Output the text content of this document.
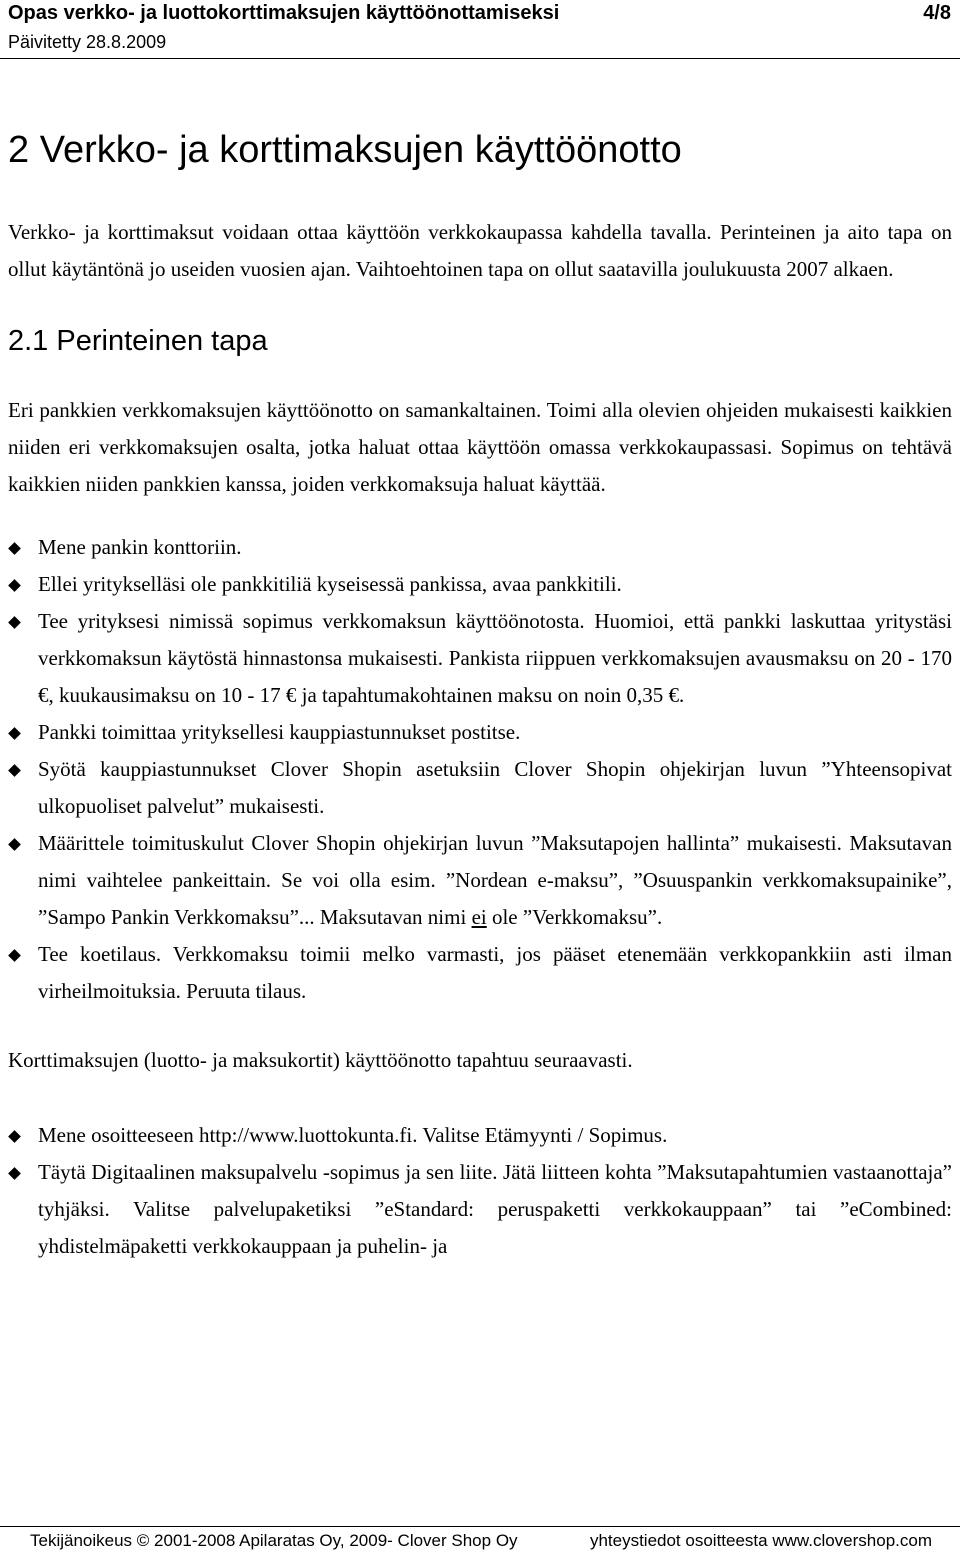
Opas verkko- ja luottokorttimaksujen käyttöönottamiseksi	4/8
Päivitetty 28.8.2009
2 Verkko- ja korttimaksujen käyttöönotto

Verkko- ja korttimaksut voidaan ottaa käyttöön verkkokaupassa kahdella tavalla. Perinteinen ja aito tapa on ollut käytäntönä jo useiden vuosien ajan. Vaihtoehtoinen tapa on ollut saatavilla joulukuusta 2007 alkaen.

2.1 Perinteinen tapa

Eri pankkien verkkomaksujen käyttöönotto on samankaltainen. Toimi alla olevien ohjeiden mukaisesti kaikkien niiden eri verkkomaksujen osalta, jotka haluat ottaa käyttöön omassa verkkokaupassasi. Sopimus on tehtävä kaikkien niiden pankkien kanssa, joiden verkkomaksuja haluat käyttää.

Mene pankin konttoriin.
Ellei yritykselläsi ole pankkitiliä kyseisessä pankissa, avaa pankkitili.
Tee yrityksesi nimissä sopimus verkkomaksun käyttöönotosta. Huomioi, että pankki laskuttaa yritystäsi verkkomaksun käytöstä hinnastonsa mukaisesti. Pankista riippuen verkkomaksujen avausmaksu on 20 - 170 €, kuukausimaksu on 10 - 17 € ja tapahtumakohtainen maksu on noin 0,35 €.
Pankki toimittaa yrityksellesi kauppiastunnukset postitse.
Syötä kauppiastunnukset Clover Shopin asetuksiin Clover Shopin ohjekirjan luvun ”Yhteensopivat ulkopuoliset palvelut” mukaisesti.
Määrittele toimituskulut Clover Shopin ohjekirjan luvun ”Maksutapojen hallinta” mukaisesti. Maksutavan nimi vaihtelee pankeittain. Se voi olla esim. ”Nordean e-maksu”, ”Osuuspankin verkkomaksupainike”, ”Sampo Pankin Verkkomaksu”... Maksutavan nimi ei ole ”Verkkomaksu”.
Tee koetilaus. Verkkomaksu toimii melko varmasti, jos pääset etenemään verkkopankkiin asti ilman virheilmoituksia. Peruuta tilaus.

Korttimaksujen (luotto- ja maksukortit) käyttöönotto tapahtuu seuraavasti.

Mene osoitteeseen http://www.luottokunta.fi. Valitse Etämyynti / Sopimus.
Täytä Digitaalinen maksupalvelu -sopimus ja sen liite. Jätä liitteen kohta ”Maksutapahtumien vastaanottaja” tyhjäksi. Valitse palvelupaketiksi ”eStandard: peruspaketti verkkokauppaan” tai ”eCombined: yhdistelmäpaketti verkkokauppaan ja puhelin- ja
Tekijänoikeus © 2001-2008 Apilaratas Oy, 2009- Clover Shop Oy	yhteystiedot osoitteesta www.clovershop.com
